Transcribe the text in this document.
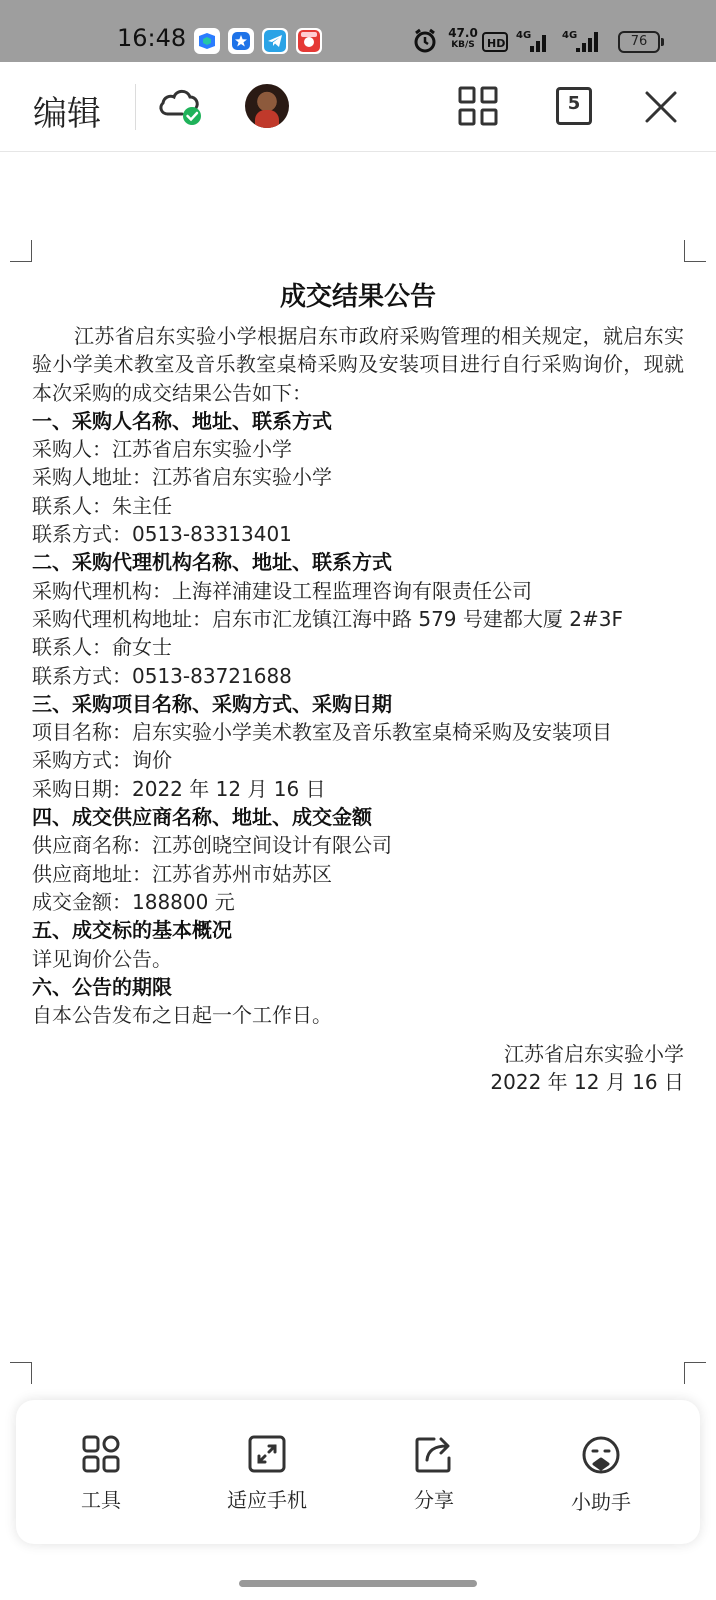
16:48	47.0
KB/S	HD
4G	4G	76
编辑	5
成交结果公告

江苏省启东实验小学根据启东市政府采购管理的相关规定，就启东实验小学美术教室及音乐教室桌椅采购及安装项目进行自行采购询价，现就本次采购的成交结果公告如下：

一、采购人名称、地址、联系方式

采购人：江苏省启东实验小学

采购人地址：江苏省启东实验小学

联系人：朱主任

联系方式：0513-83313401

二、采购代理机构名称、地址、联系方式

采购代理机构：上海祥浦建设工程监理咨询有限责任公司

采购代理机构地址：启东市汇龙镇江海中路 579 号建都大厦 2#3F

联系人：俞女士

联系方式：0513-83721688

三、采购项目名称、采购方式、采购日期

项目名称：启东实验小学美术教室及音乐教室桌椅采购及安装项目

采购方式：询价

采购日期：2022 年 12 月 16 日

四、成交供应商名称、地址、成交金额

供应商名称：江苏创晓空间设计有限公司

供应商地址：江苏省苏州市姑苏区

成交金额：188800 元

五、成交标的基本概况

详见询价公告。

六、公告的期限

自本公告发布之日起一个工作日。

江苏省启东实验小学
2022 年 12 月 16 日
工具	适应手机	分享	小助手
